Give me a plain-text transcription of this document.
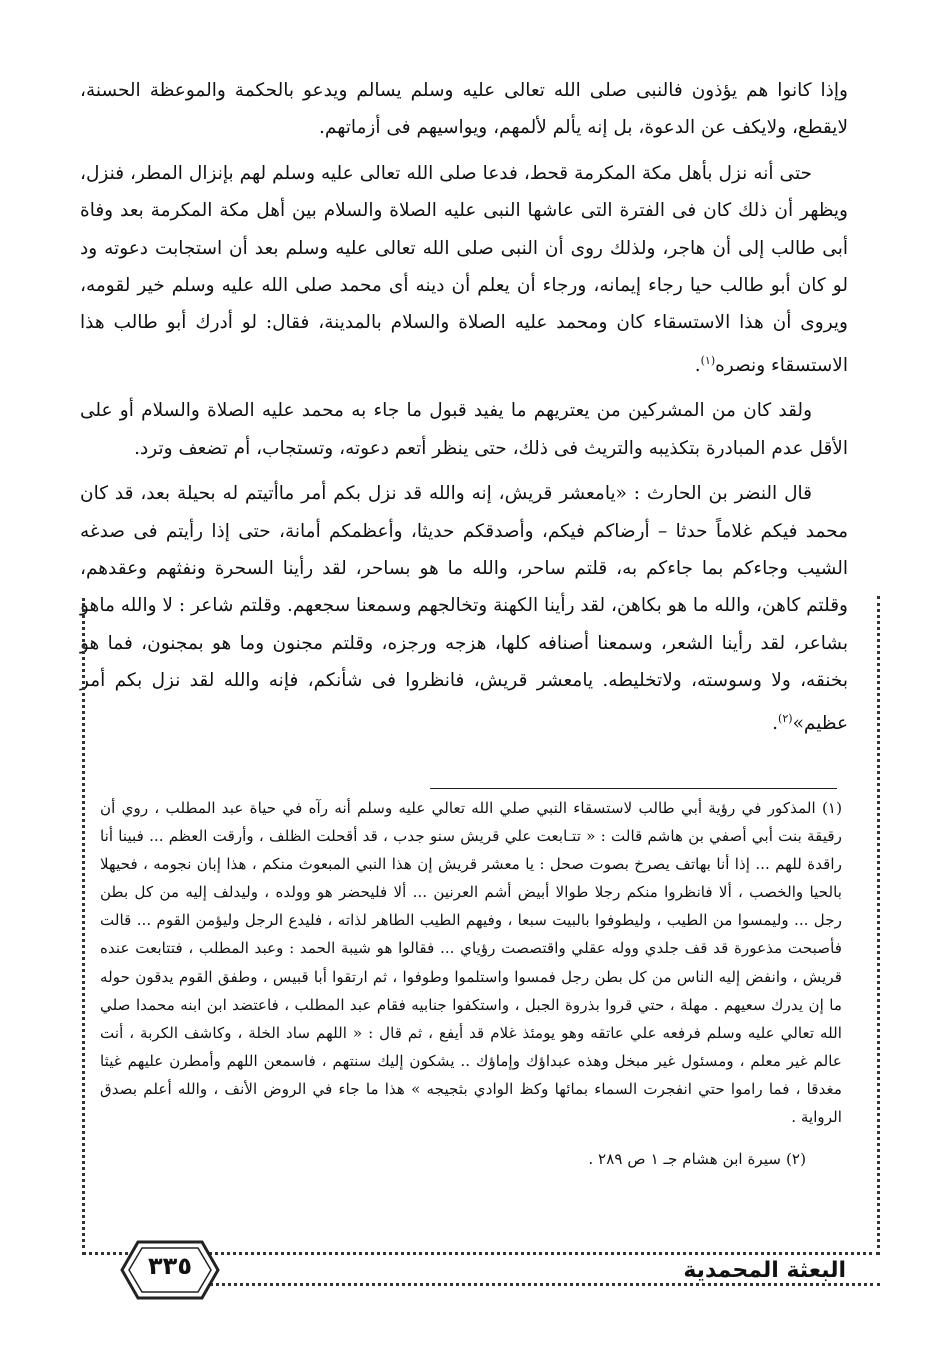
وإذا كانوا هم يؤذون فالنبى صلى الله تعالى عليه وسلم يسالم ويدعو بالحكمة والموعظة الحسنة، لايقطع، ولايكف عن الدعوة، بل إنه يألم لألمهم، ويواسيهم فى أزماتهم.

حتى أنه نزل بأهل مكة المكرمة قحط، فدعا صلى الله تعالى عليه وسلم لهم بإنزال المطر، فنزل، ويظهر أن ذلك كان فى الفترة التى عاشها النبى عليه الصلاة والسلام بين أهل مكة المكرمة بعد وفاة أبى طالب إلى أن هاجر، ولذلك روى أن النبى صلى الله تعالى عليه وسلم بعد أن استجابت دعوته ود لو كان أبو طالب حيا رجاء إيمانه، ورجاء أن يعلم أن دينه أى محمد صلى الله عليه وسلم خير لقومه، ويروى أن هذا الاستسقاء كان ومحمد عليه الصلاة والسلام بالمدينة، فقال: لو أدرك أبو طالب هذا الاستسقاء ونصره$^{(١)}$.

ولقد كان من المشركين من يعتريهم ما يفيد قبول ما جاء به محمد عليه الصلاة والسلام أو على الأقل عدم المبادرة بتكذيبه والتريث فى ذلك، حتى ينظر أتعم دعوته، وتستجاب، أم تضعف وترد.

قال النضر بن الحارث : «يامعشر قريش، إنه والله قد نزل بكم أمر ماأتيتم له بحيلة بعد، قد كان محمد فيكم غلاماً حدثا – أرضاكم فيكم، وأصدقكم حديثا، وأعظمكم أمانة، حتى إذا رأيتم فى صدغه الشيب وجاءكم بما جاءكم به، قلتم ساحر، والله ما هو بساحر، لقد رأينا السحرة ونفثهم وعقدهم، وقلتم كاهن، والله ما هو بكاهن، لقد رأينا الكهنة وتخالجهم وسمعنا سجعهم. وقلتم شاعر : لا والله ماهو بشاعر، لقد رأينا الشعر، وسمعنا أصنافه كلها، هزجه ورجزه، وقلتم مجنون وما هو بمجنون، فما هو بخنقه، ولا وسوسته، ولاتخليطه. يامعشر قريش، فانظروا فى شأنكم، فإنه والله لقد نزل بكم أمر عظيم»$^{(٢)}$.

(١) المذكور في رؤية أبي طالب لاستسقاء النبي صلي الله تعالي عليه وسلم أنه رآه في حياة عبد المطلب ، روي أن رقيقة بنت أبي أصفي بن هاشم قالت : « تتـابعت علي قريش سنو جدب ، قد أقحلت الظلف ، وأرقت العظم ... فبينا أنا راقدة للهم ... إذا أنا بهاتف يصرخ بصوت صحل : يا معشر قريش إن هذا النبي المبعوث منكم ، هذا إبان نجومه ، فحيهلا بالحيا والخصب ، ألا فانظروا منكم رجلا طوالا أبيض أشم العرنين ... ألا فليحضر هو وولده ، وليدلف إليه من كل بطن رجل ... وليمسوا من الطيب ، وليطوفوا بالبيت سبعا ، وفيهم الطيب الطاهر لذاته ، فليدع الرجل وليؤمن القوم ... قالت فأصبحت مذعورة قد قف جلدي ووله عقلي واقتصصت رؤياي ... فقالوا هو شيبة الحمد : وعبد المطلب ، فتتابعت عنده قريش ، وانفض إليه الناس من كل بطن رجل فمسوا واستلموا وطوفوا ، ثم ارتقوا أبا قبيس ، وطفق القوم يدقون حوله ما إن يدرك سعيهم . مهلة ، حتي قروا بذروة الجبل ، واستكفوا جنابيه فقام عبد المطلب ، فاعتضد ابن ابنه محمدا صلي الله تعالي عليه وسلم فرفعه علي عاتقه وهو يومئذ غلام قد أيفع ، ثم قال : « اللهم ساد الخلة ، وكاشف الكربة ، أنت عالم غير معلم ، ومسئول غير مبخل وهذه عبداؤك وإماؤك .. يشكون إليك سنتهم ، فاسمعن اللهم وأمطرن عليهم غيثا مغدقا ، فما راموا حتي انفجرت السماء بمائها وكظ الوادي بثجيجه » هذا ما جاء في الروض الأنف ، والله أعلم بصدق الرواية .

(٢) سيرة ابن هشام جـ ١ ص ٢٨٩ .

٣٣٥	البعثة المحمدية
